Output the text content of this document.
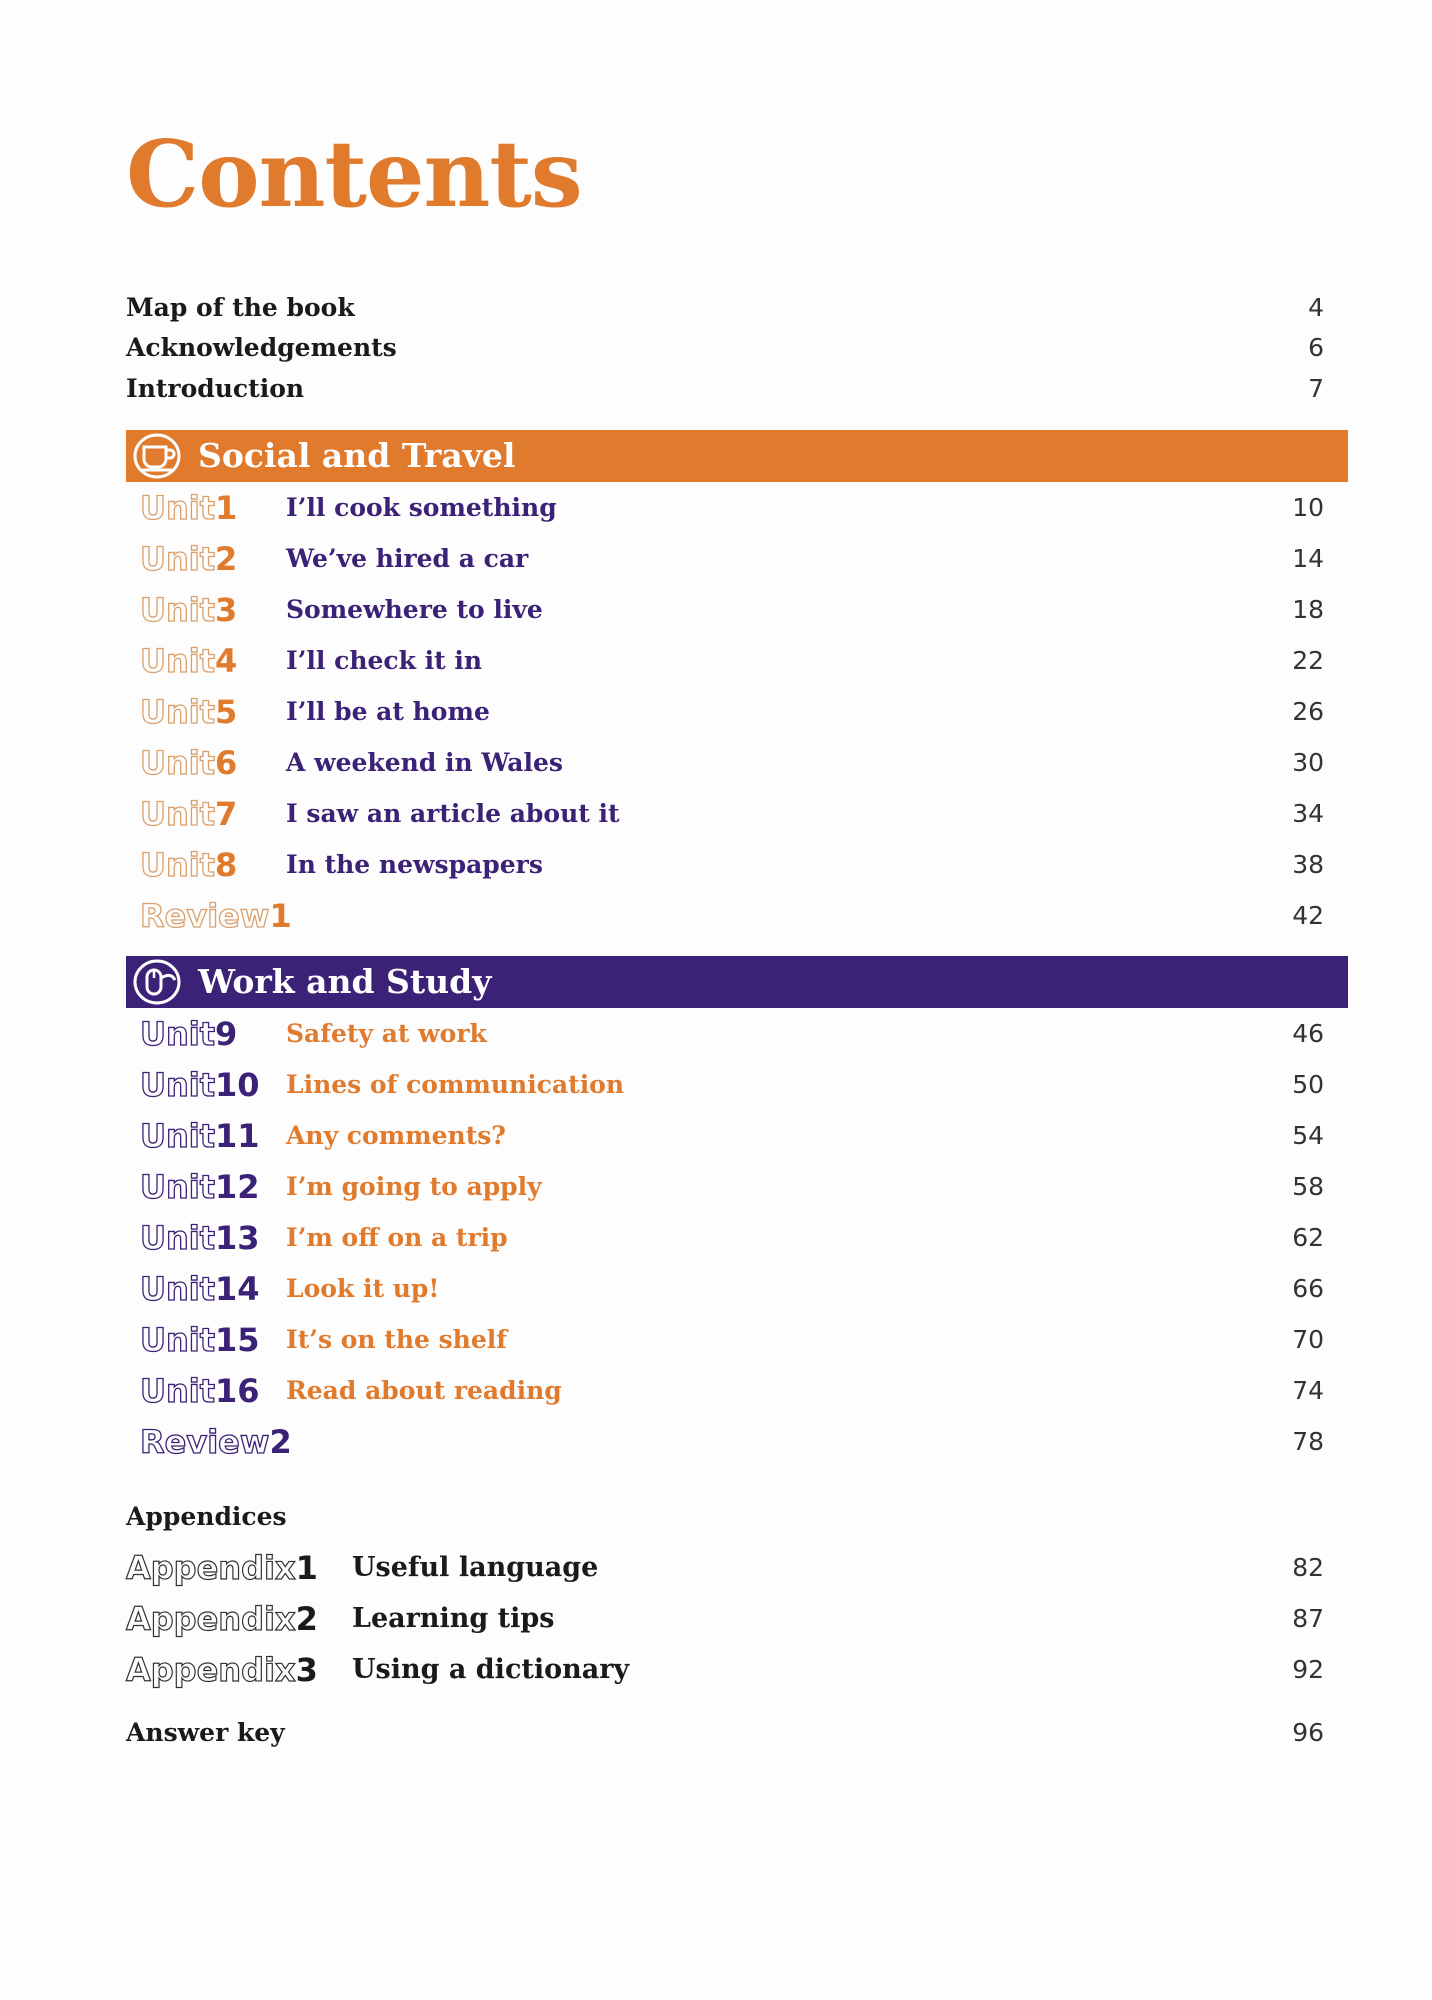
Contents
Map of the book	4
Acknowledgements	6
Introduction	7
Social and Travel
Unit1 I’ll cook something	10
Unit2 We’ve hired a car	14
Unit3 Somewhere to live	18
Unit4 I’ll check it in	22
Unit5 I’ll be at home	26
Unit6 A weekend in Wales	30
Unit7 I saw an article about it	34
Unit8 In the newspapers	38
Review1	42
Work and Study
Unit9 Safety at work	46
Unit10 Lines of communication	50
Unit11 Any comments?	54
Unit12 I’m going to apply	58
Unit13 I’m off on a trip	62
Unit14 Look it up!	66
Unit15 It’s on the shelf	70
Unit16 Read about reading	74
Review2	78
Appendices
Appendix1 Useful language	82
Appendix2 Learning tips	87
Appendix3 Using a dictionary	92
Answer key	96
